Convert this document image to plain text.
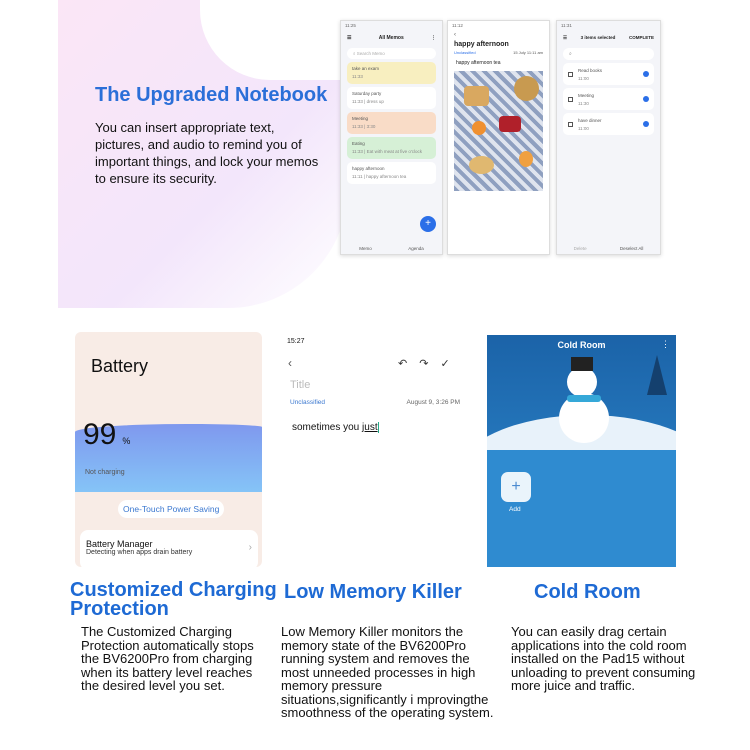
The Upgraded Notebook
You can insert appropriate text, pictures, and audio to remind you of important things, and lock your memos to ensure its security.
11:25
☰	All Memos	⋮
⌕ Search Memo
take an exam
11:33
Saturday party
11:33 | dress up
Meeting
11:33 | 3:30
Eating
11:33 | Eat with meat at five o'clock
happy afternoon
11:11 | happy afternoon tea
+
Memo	Agenda
11:12
‹
happy afternoon
Unclassified	15 July 11:11 am
happy afternoon tea
11:31
☰	3 items selected	COMPLETE
⌕
Read books
11:00
Meeting
11:30
have dinner
11:00
Delete	Deselect All
Battery
99 %
Not charging
One-Touch Power Saving
Battery Manager
Detecting when apps drain battery	›
15:27
‹	↶ ↷ ✓
Title
Unclassified	August 9, 3:26 PM
sometimes you just
Cold Room	⋮
+
Add
Customized Charging Protection
The Customized Charging Protection automatically stops the BV6200Pro from charging when its battery level reaches the desired level you set.
Low Memory Killer
Low Memory Killer monitors the memory state of the BV6200Pro running system and removes the most unneeded processes in high memory pressure situations,significantly i mprovingthe smoothness of the operating system.
Cold Room
You can easily drag certain applications into the cold room installed on the Pad15 without unloading to prevent consuming more juice and traffic.
